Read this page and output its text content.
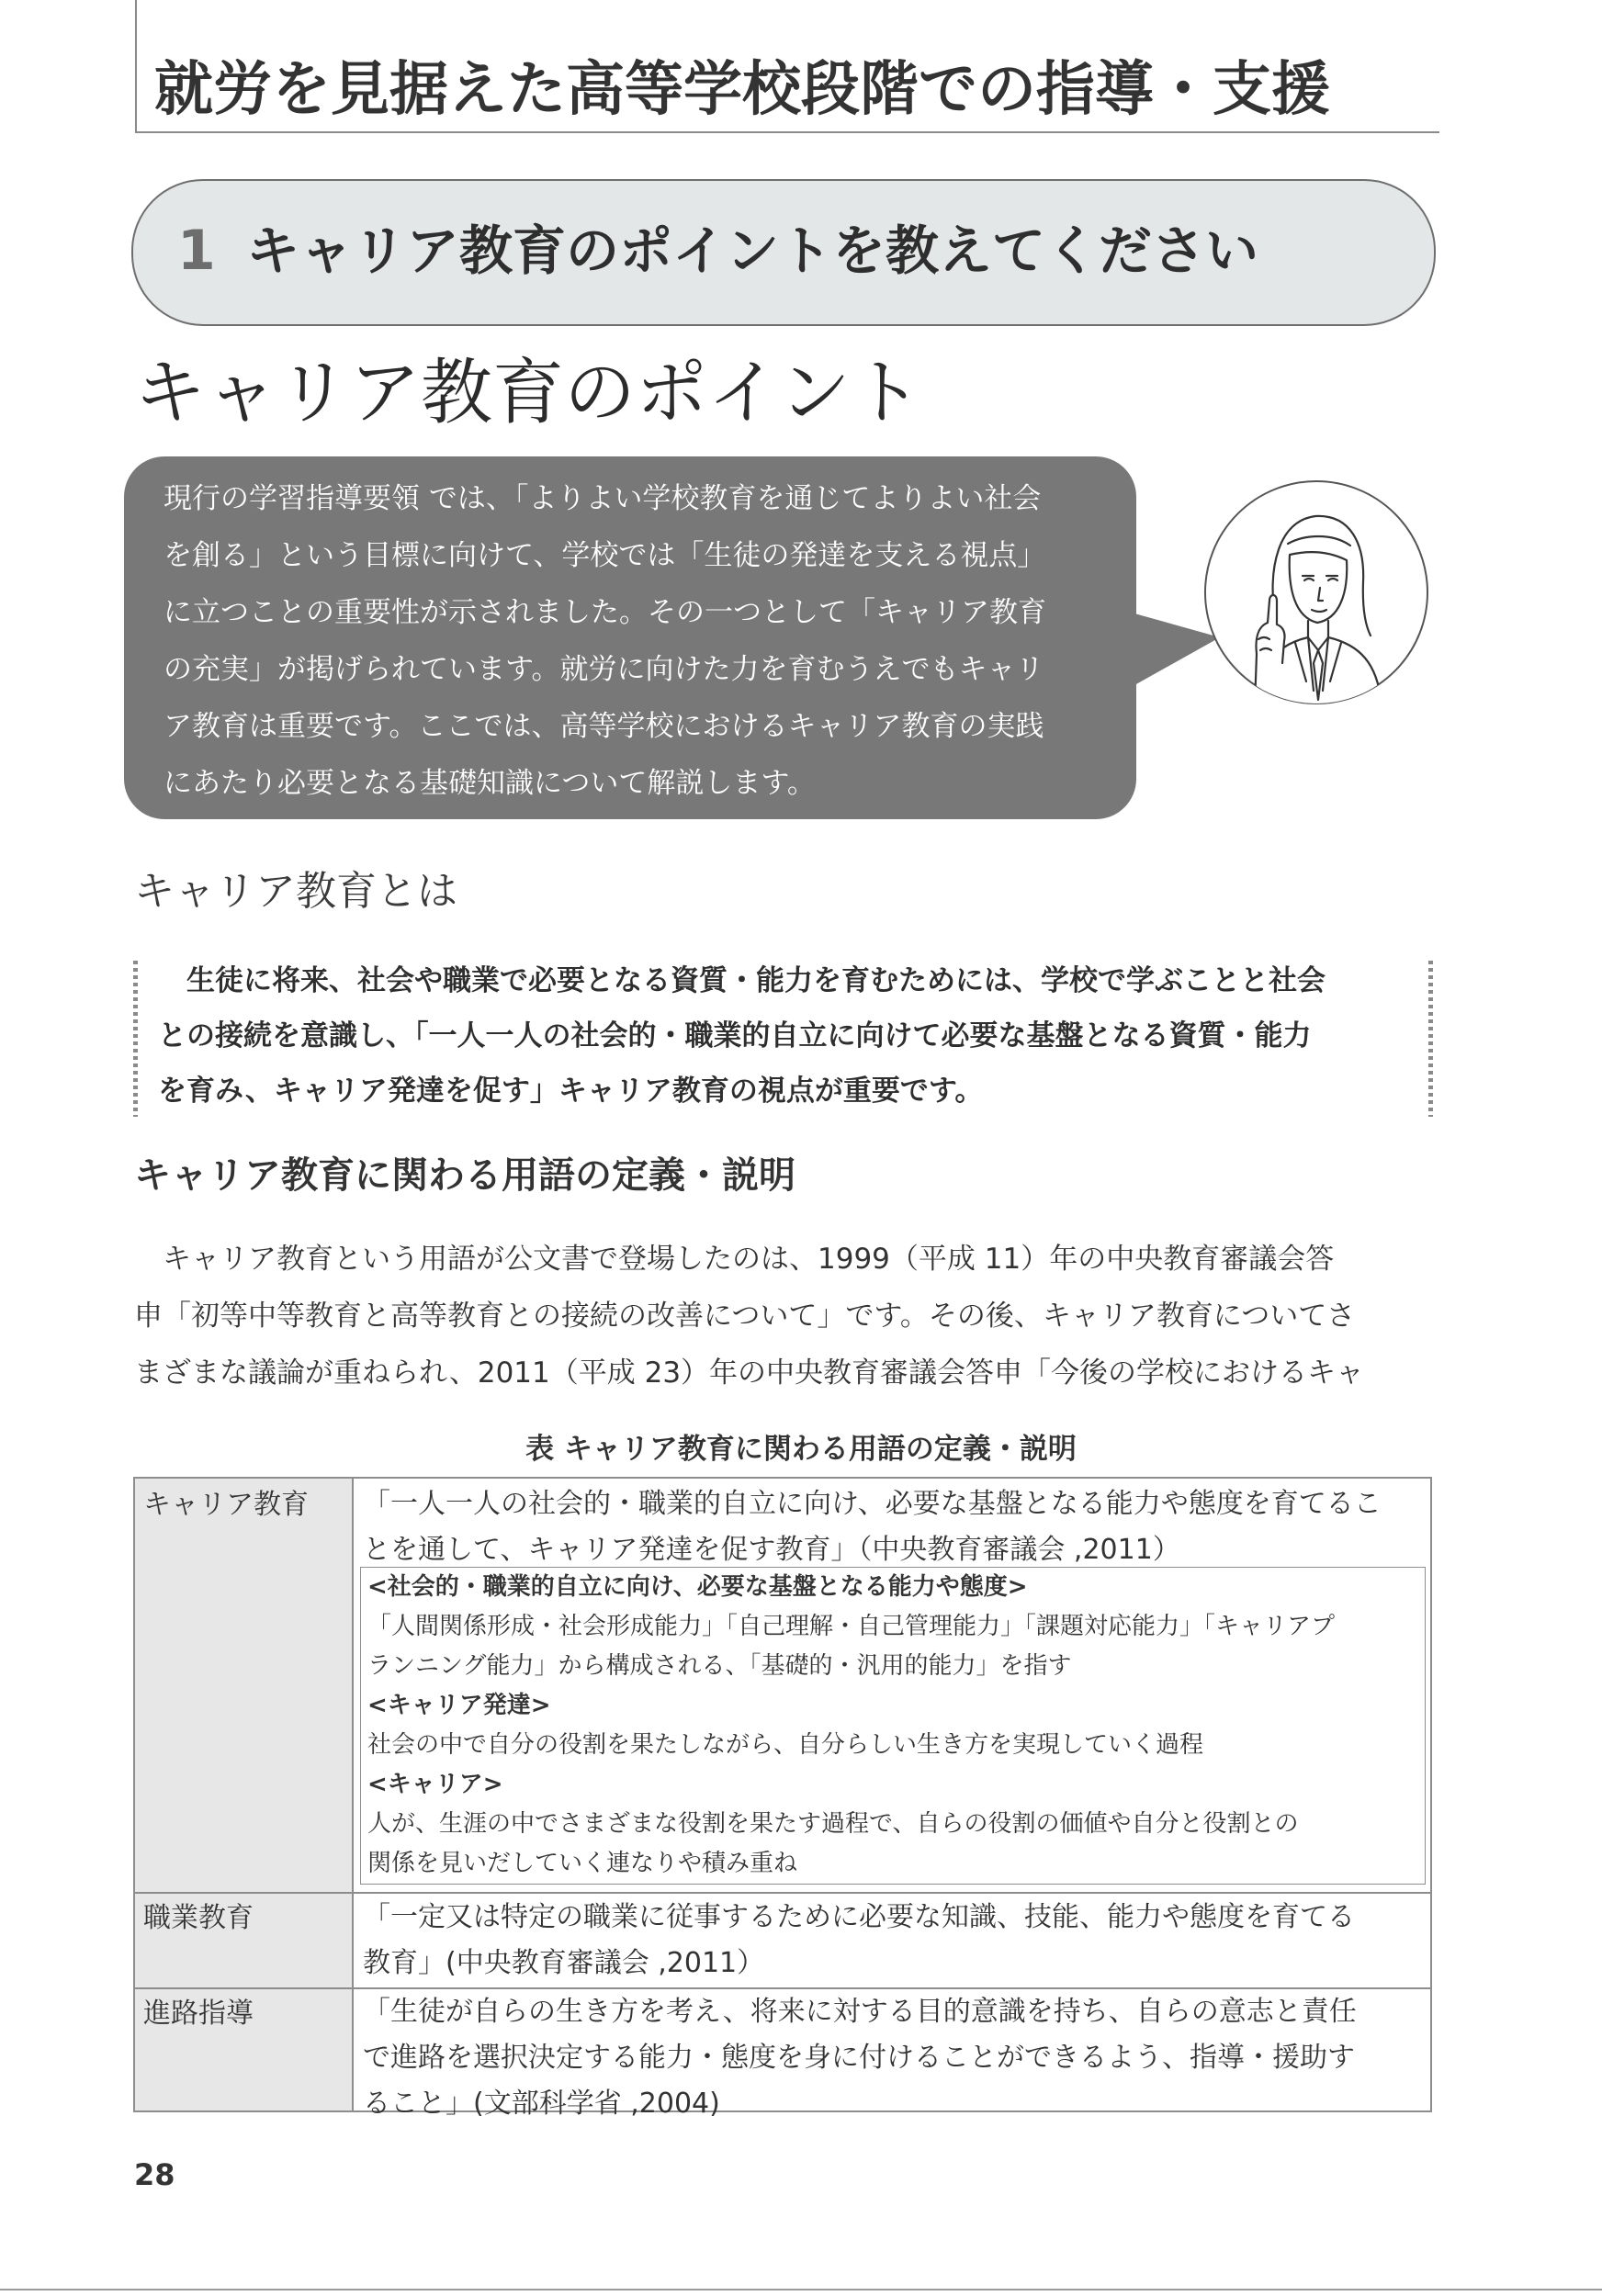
就労を見据えた高等学校段階での指導・支援
1 キャリア教育のポイントを教えてください
キャリア教育のポイント
現行の学習指導要領 では、「よりよい学校教育を通じてよりよい社会
を創る」という目標に向けて、学校では「生徒の発達を支える視点」
に立つことの重要性が示されました。その一つとして「キャリア教育
の充実」が掲げられています。就労に向けた力を育むうえでもキャリ
ア教育は重要です。ここでは、高等学校におけるキャリア教育の実践
にあたり必要となる基礎知識について解説します。
キャリア教育とは
　生徒に将来、社会や職業で必要となる資質・能力を育むためには、学校で学ぶことと社会
との接続を意識し、「一人一人の社会的・職業的自立に向けて必要な基盤となる資質・能力
を育み、キャリア発達を促す」キャリア教育の視点が重要です。
キャリア教育に関わる用語の定義・説明
　キャリア教育という用語が公文書で登場したのは、1999（平成 11）年の中央教育審議会答
申「初等中等教育と高等教育との接続の改善について」です。その後、キャリア教育についてさ
まざまな議論が重ねられ、2011（平成 23）年の中央教育審議会答申「今後の学校におけるキャ
表 キャリア教育に関わる用語の定義・説明
キャリア教育 「一人一人の社会的・職業的自立に向け、必要な基盤となる能力や態度を育てるこ
とを通して、キャリア発達を促す教育」（中央教育審議会 ,2011）
<社会的・職業的自立に向け、必要な基盤となる能力や態度>
「人間関係形成・社会形成能力」「自己理解・自己管理能力」「課題対応能力」「キャリアプ
ランニング能力」から構成される、「基礎的・汎用的能力」を指す
<キャリア発達>
社会の中で自分の役割を果たしながら、自分らしい生き方を実現していく過程
<キャリア>
人が、生涯の中でさまざまな役割を果たす過程で、自らの役割の価値や自分と役割との
関係を見いだしていく連なりや積み重ね
職業教育	「一定又は特定の職業に従事するために必要な知識、技能、能力や態度を育てる
教育」(中央教育審議会 ,2011）
進路指導	「生徒が自らの生き方を考え、将来に対する目的意識を持ち、自らの意志と責任
で進路を選択決定する能力・態度を身に付けることができるよう、指導・援助す
ること」(文部科学省 ,2004)
28
